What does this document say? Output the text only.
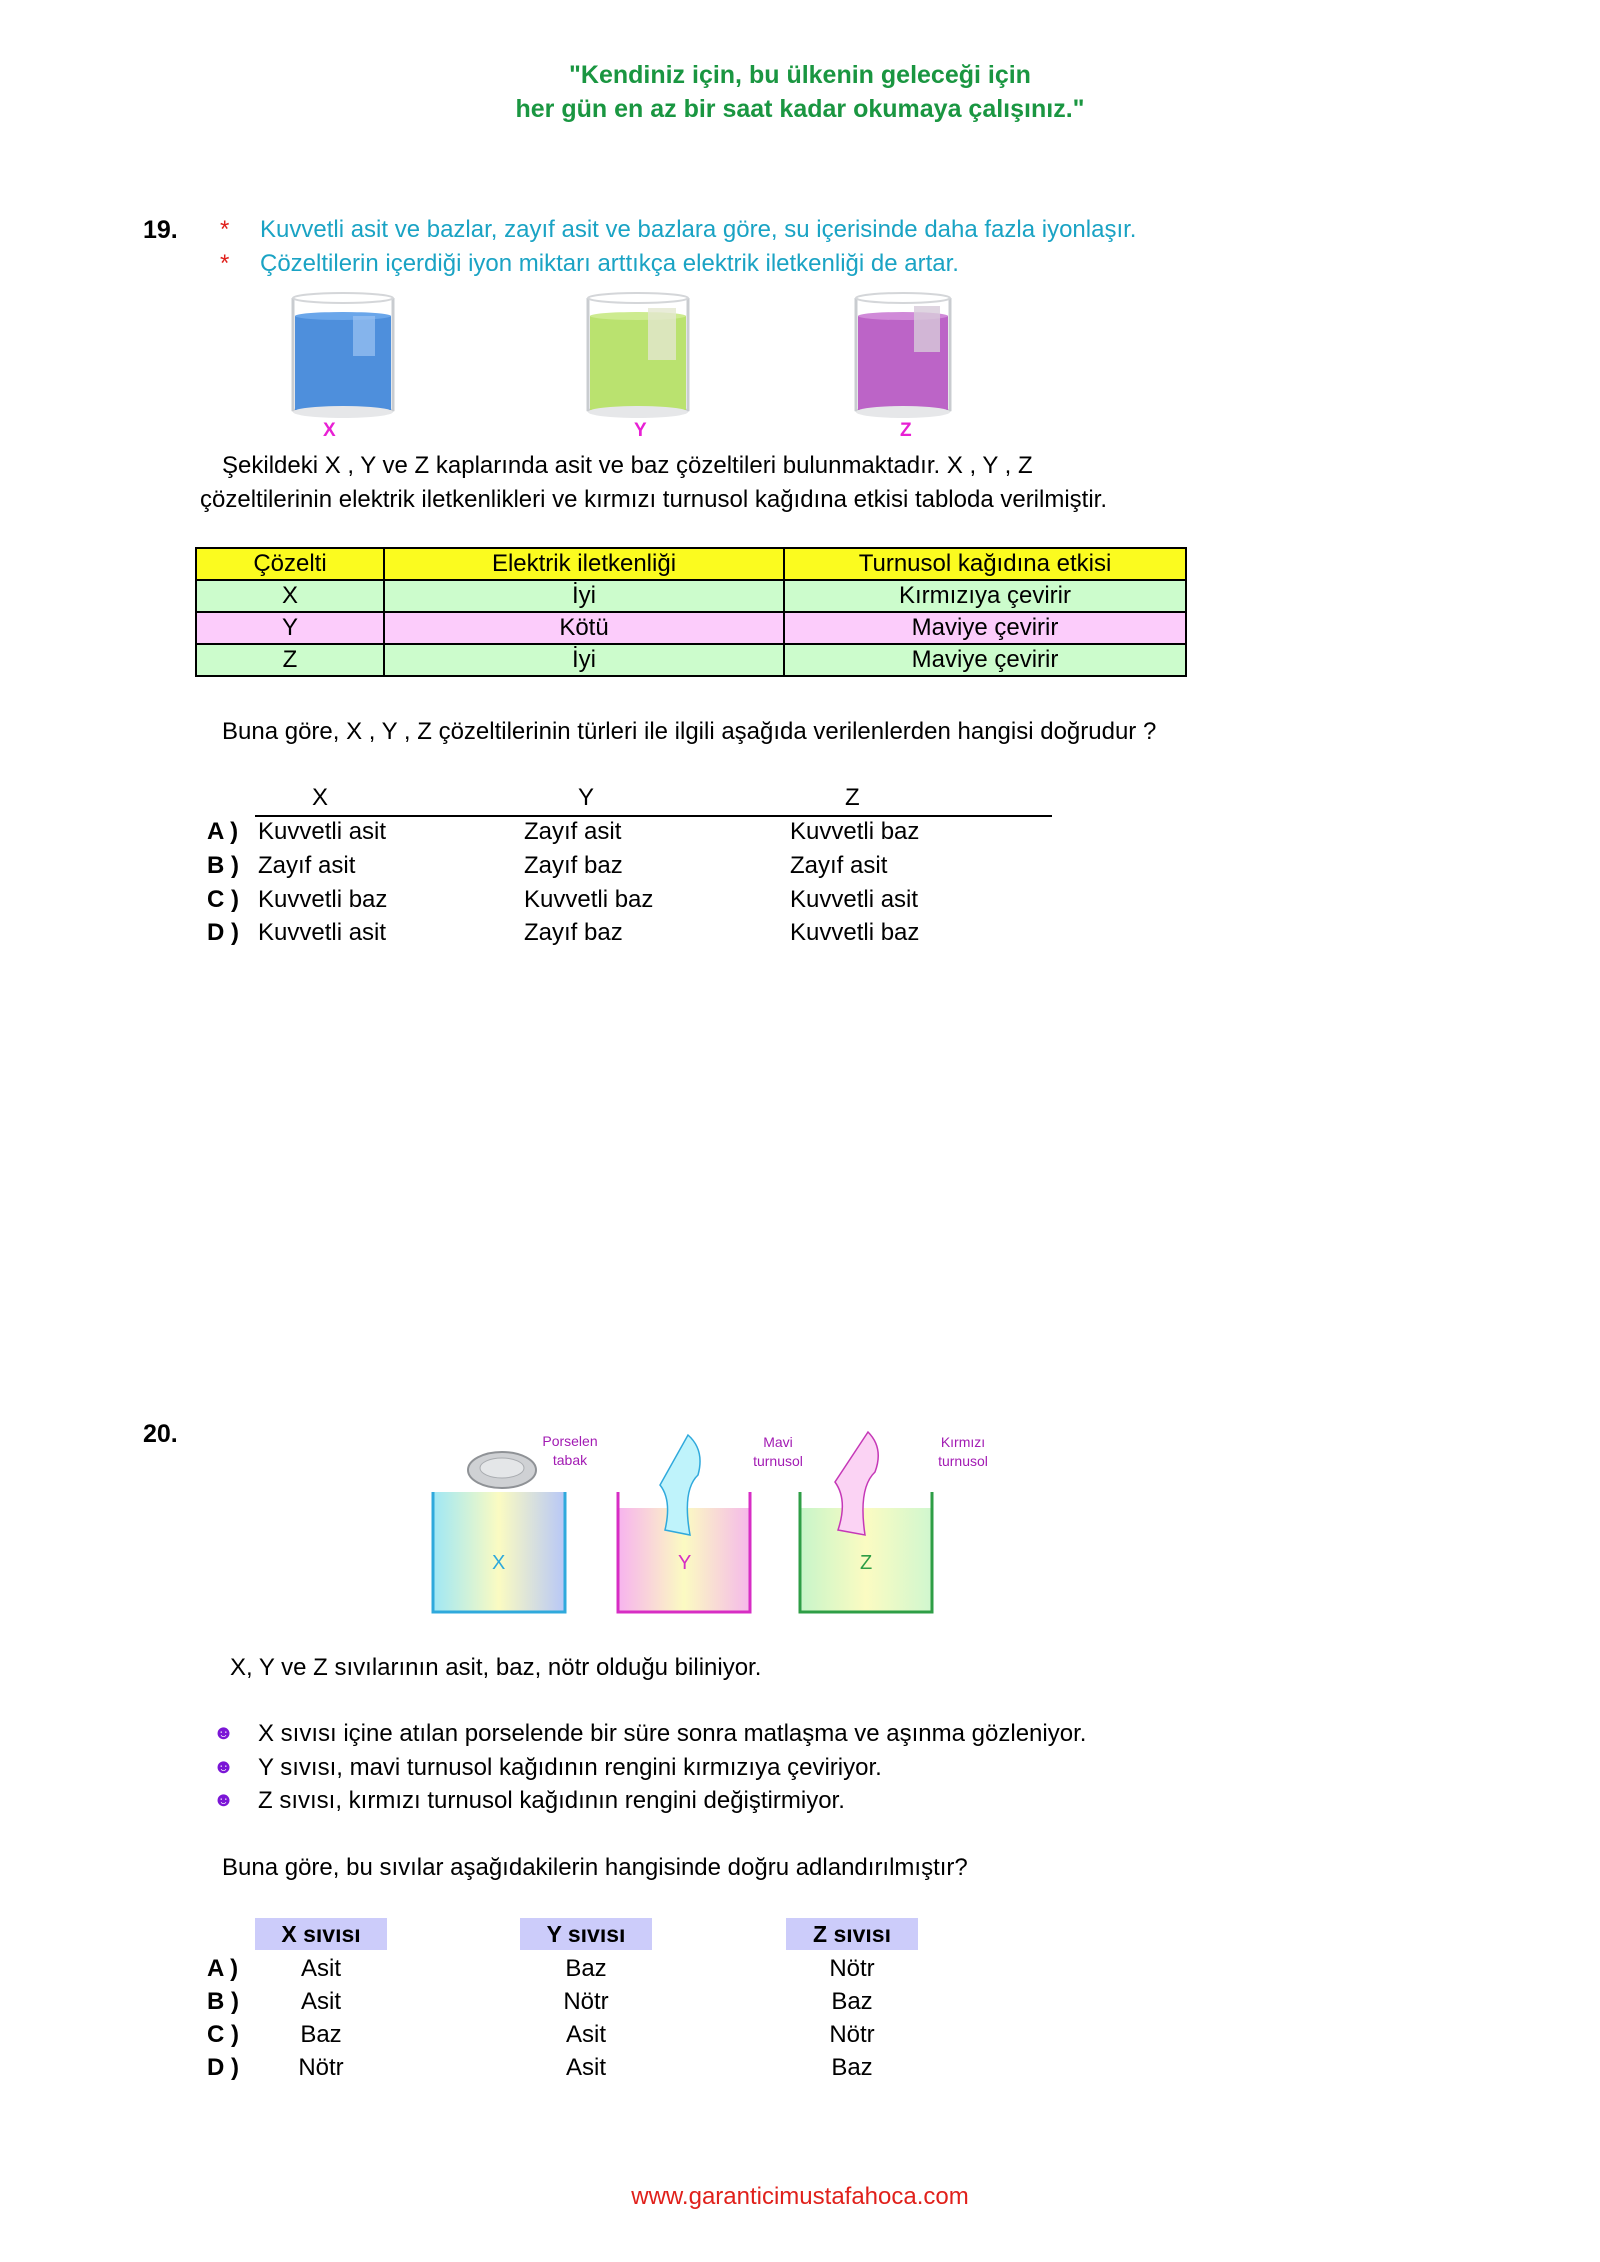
"Kendiniz için, bu ülkenin geleceği için
her gün en az bir saat kadar okumaya çalışınız."
19. * Kuvvetli asit ve bazlar, zayıf asit ve bazlara göre, su içerisinde daha fazla iyonlaşır.
* Çözeltilerin içerdiği iyon miktarı arttıkça elektrik iletkenliği de artar.
X	Y	Z
Şekildeki X , Y ve Z kaplarında asit ve baz çözeltileri bulunmaktadır. X , Y , Z
çözeltilerinin elektrik iletkenlikleri ve kırmızı turnusol kağıdına etkisi tabloda verilmiştir.
Çözelti	Elektrik iletkenliği	Turnusol kağıdına etkisi
X	İyi	Kırmızıya çevirir
Y	Kötü	Maviye çevirir
Z	İyi	Maviye çevirir
Buna göre, X , Y , Z çözeltilerinin türleri ile ilgili aşağıda verilenlerden hangisi doğrudur ?
X	Y	Z
A ) Kuvvetli asit	Zayıf asit	Kuvvetli baz
B ) Zayıf asit	Zayıf baz	Zayıf asit
C ) Kuvvetli baz	Kuvvetli baz	Kuvvetli asit
D ) Kuvvetli asit	Zayıf baz	Kuvvetli baz
20.	Porselen
tabak
Mavi
turnusol
Kırmızı
turnusol
X	Y	Z
X, Y ve Z sıvılarının asit, baz, nötr olduğu biliniyor.
☻ X sıvısı içine atılan porselende bir süre sonra matlaşma ve aşınma gözleniyor.
☻ Y sıvısı, mavi turnusol kağıdının rengini kırmızıya çeviriyor.
☻ Z sıvısı, kırmızı turnusol kağıdının rengini değiştirmiyor.
Buna göre, bu sıvılar aşağıdakilerin hangisinde doğru adlandırılmıştır?
X sıvısı	Y sıvısı	Z sıvısı
A )	Asit	Baz	Nötr
B )	Asit	Nötr	Baz
C )	Baz	Asit	Nötr
D )	Nötr	Asit	Baz
www.garanticimustafahoca.com
